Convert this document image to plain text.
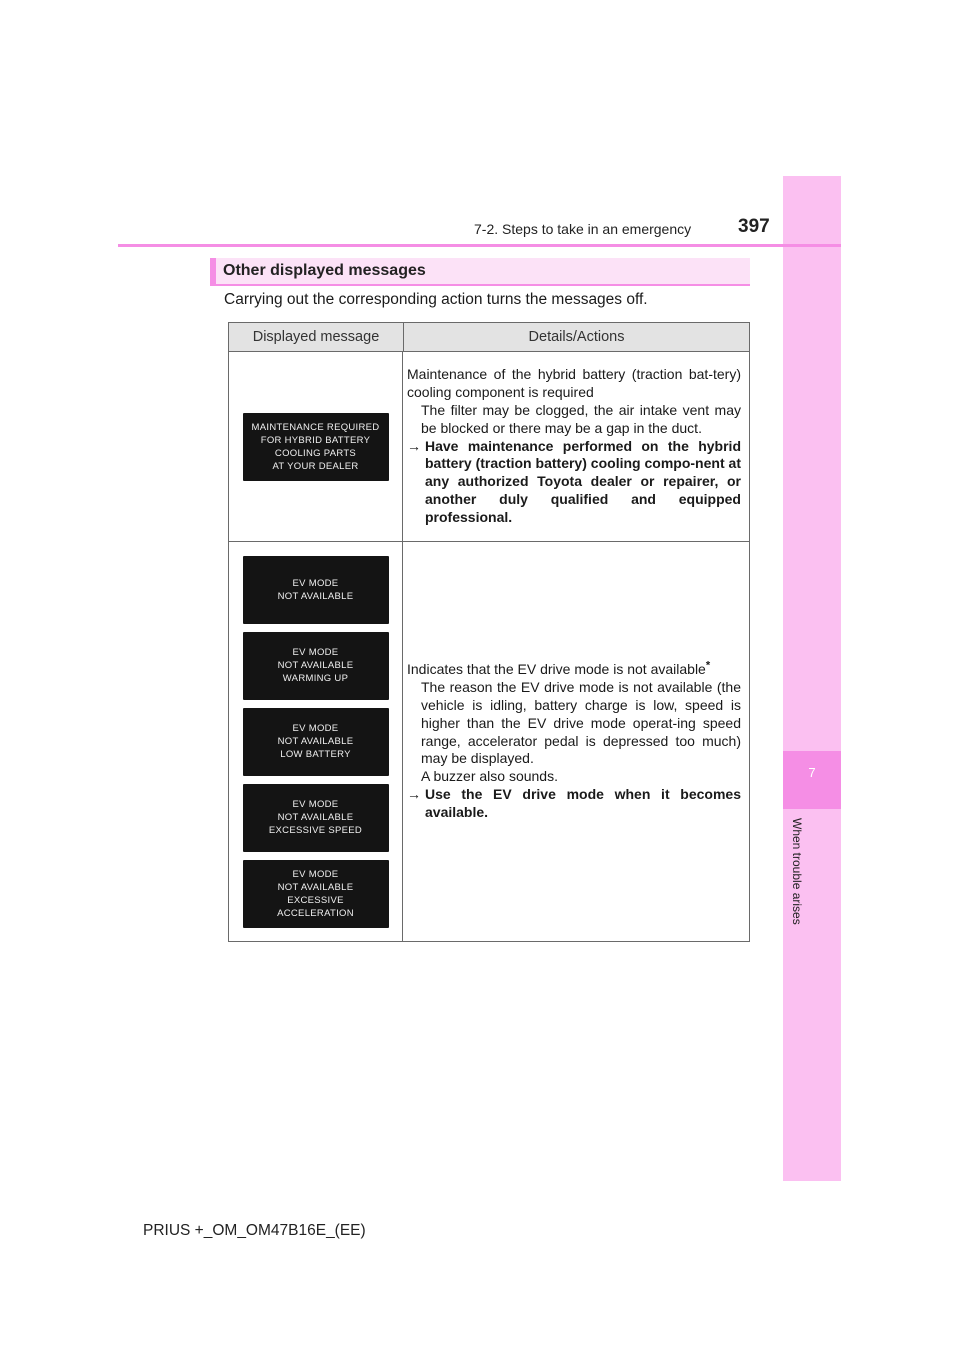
7
When trouble arises
7-2. Steps to take in an emergency 397
Other displayed messages
Carrying out the corresponding action turns the messages off.
Displayed message	Details/Actions
MAINTENANCE REQUIRED
FOR HYBRID BATTERY
COOLING PARTS
AT YOUR DEALER
Maintenance of the hybrid battery (traction bat-tery) cooling component is required
The filter may be clogged, the air intake vent may be blocked or there may be a gap in the duct.
→ Have maintenance performed on the hybrid battery (traction battery) cooling compo-nent at any authorized Toyota dealer or repairer, or another duly qualified and equipped professional.
EV MODE
NOT AVAILABLE
EV MODE
NOT AVAILABLE
WARMING UP
EV MODE
NOT AVAILABLE
LOW BATTERY
EV MODE
NOT AVAILABLE
EXCESSIVE SPEED
EV MODE
NOT AVAILABLE
EXCESSIVE
ACCELERATION
Indicates that the EV drive mode is not available*
The reason the EV drive mode is not available (the vehicle is idling, battery charge is low, speed is higher than the EV drive mode operat-ing speed range, accelerator pedal is depressed too much) may be displayed.
A buzzer also sounds.
→ Use the EV drive mode when it becomes available.
PRIUS +_OM_OM47B16E_(EE)
